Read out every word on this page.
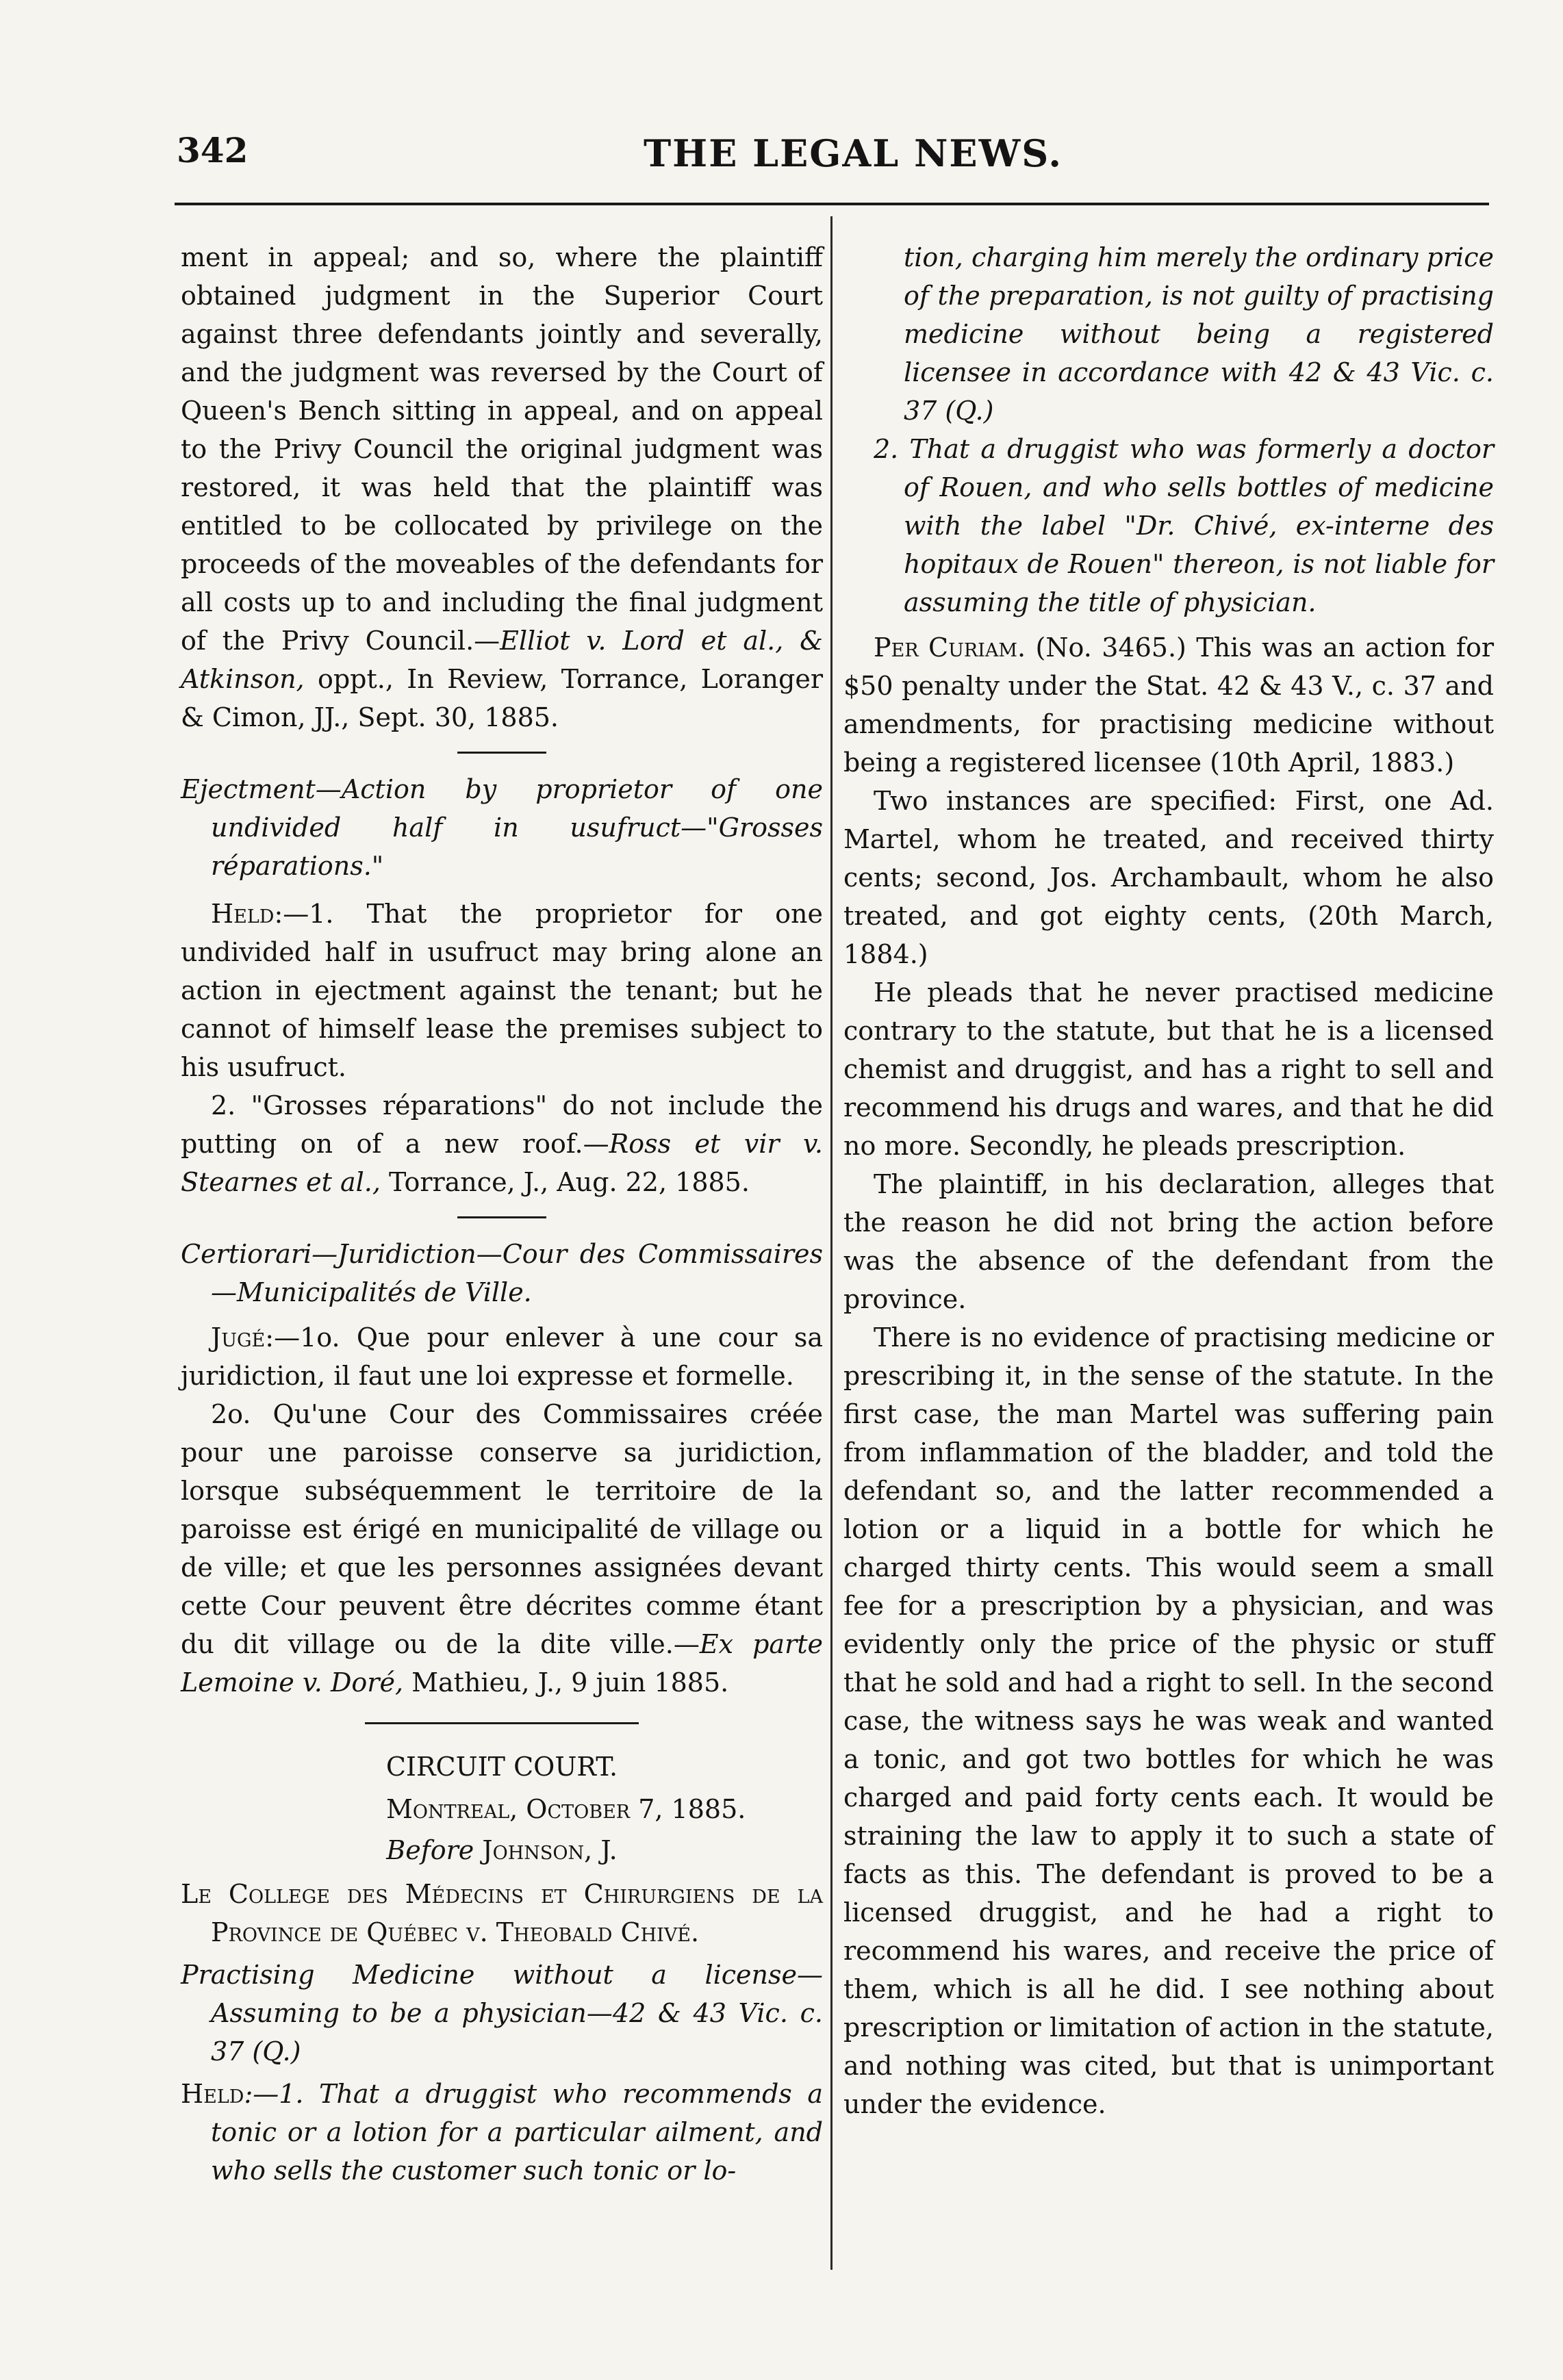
342	THE LEGAL NEWS.

ment in appeal; and so, where the plaintiff obtained judgment in the Superior Court against three defendants jointly and severally, and the judgment was reversed by the Court of Queen's Bench sitting in appeal, and on appeal to the Privy Council the original judgment was restored, it was held that the plaintiff was entitled to be collocated by privilege on the proceeds of the moveables of the defendants for all costs up to and including the final judgment of the Privy Council.—Elliot v. Lord et al., & Atkinson, oppt., In Review, Torrance, Loranger & Cimon, JJ., Sept. 30, 1885.

Ejectment—Action by proprietor of one undivided half in usufruct—"Grosses réparations."

Held:—1. That the proprietor for one undivided half in usufruct may bring alone an action in ejectment against the tenant; but he cannot of himself lease the premises subject to his usufruct.

2. "Grosses réparations" do not include the putting on of a new roof.—Ross et vir v. Stearnes et al., Torrance, J., Aug. 22, 1885.

Certiorari—Juridiction—Cour des Commissaires —Municipalités de Ville.

Jugé:—1o. Que pour enlever à une cour sa juridiction, il faut une loi expresse et formelle.

2o. Qu'une Cour des Commissaires créée pour une paroisse conserve sa juridiction, lorsque subséquemment le territoire de la paroisse est érigé en municipalité de village ou de ville; et que les personnes assignées devant cette Cour peuvent être décrites comme étant du dit village ou de la dite ville.—Ex parte Lemoine v. Doré, Mathieu, J., 9 juin 1885.

CIRCUIT COURT.

Montreal, October 7, 1885.

Before Johnson, J.

Le College des Médecins et Chirurgiens de la Province de Québec v. Theobald Chivé.

Practising Medicine without a license—Assuming to be a physician—42 & 43 Vic. c. 37 (Q.)

Held:—1. That a druggist who recommends a tonic or a lotion for a particular ailment, and who sells the customer such tonic or lo-

tion, charging him merely the ordinary price of the preparation, is not guilty of practising medicine without being a registered licensee in accordance with 42 & 43 Vic. c. 37 (Q.)

2. That a druggist who was formerly a doctor of Rouen, and who sells bottles of medicine with the label "Dr. Chivé, ex-interne des hopitaux de Rouen" thereon, is not liable for assuming the title of physician.

Per Curiam. (No. 3465.) This was an action for $50 penalty under the Stat. 42 & 43 V., c. 37 and amendments, for practising medicine without being a registered licensee (10th April, 1883.)

Two instances are specified: First, one Ad. Martel, whom he treated, and received thirty cents; second, Jos. Archambault, whom he also treated, and got eighty cents, (20th March, 1884.)

He pleads that he never practised medicine contrary to the statute, but that he is a licensed chemist and druggist, and has a right to sell and recommend his drugs and wares, and that he did no more. Secondly, he pleads prescription.

The plaintiff, in his declaration, alleges that the reason he did not bring the action before was the absence of the defendant from the province.

There is no evidence of practising medicine or prescribing it, in the sense of the statute. In the first case, the man Martel was suffering pain from inflammation of the bladder, and told the defendant so, and the latter recommended a lotion or a liquid in a bottle for which he charged thirty cents. This would seem a small fee for a prescription by a physician, and was evidently only the price of the physic or stuff that he sold and had a right to sell. In the second case, the witness says he was weak and wanted a tonic, and got two bottles for which he was charged and paid forty cents each. It would be straining the law to apply it to such a state of facts as this. The defendant is proved to be a licensed druggist, and he had a right to recommend his wares, and receive the price of them, which is all he did. I see nothing about prescription or limitation of action in the statute, and nothing was cited, but that is unimportant under the evidence.
